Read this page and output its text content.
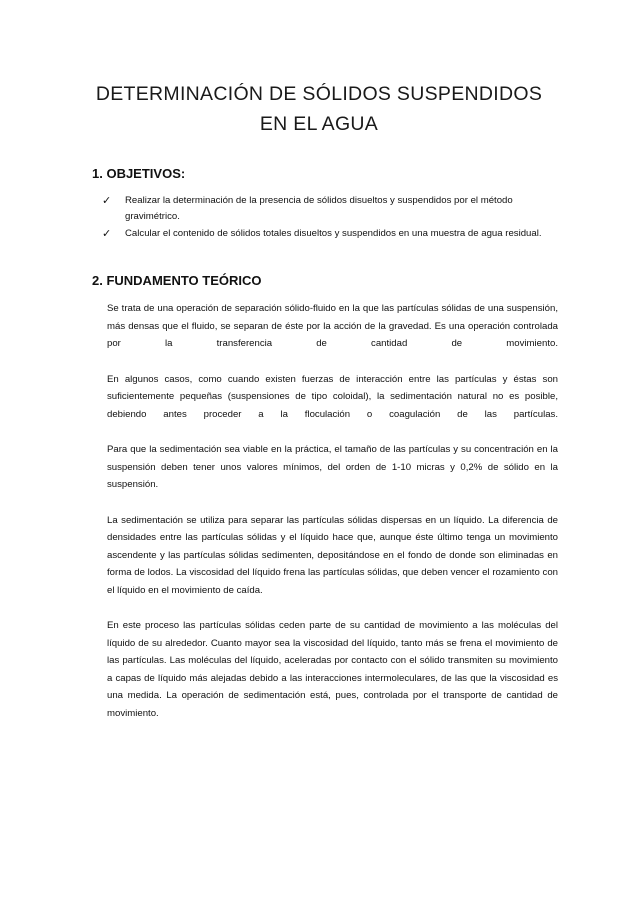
DETERMINACIÓN DE SÓLIDOS SUSPENDIDOS
EN EL AGUA
1. OBJETIVOS:
✓ Realizar la determinación de la presencia de sólidos disueltos y suspendidos por el método gravimétrico.
✓ Calcular el contenido de sólidos totales disueltos y suspendidos en una muestra de agua residual.
2. FUNDAMENTO TEÓRICO

Se trata de una operación de separación sólido-fluido en la que las partículas sólidas de una suspensión, más densas que el fluido, se separan de éste por la acción de la gravedad. Es una operación controlada por la transferencia de cantidad de movimiento.

En algunos casos, como cuando existen fuerzas de interacción entre las partículas y éstas son suficientemente pequeñas (suspensiones de tipo coloidal), la sedimentación natural no es posible, debiendo antes proceder a la floculación o coagulación de las partículas.

Para que la sedimentación sea viable en la práctica, el tamaño de las partículas y su concentración en la suspensión deben tener unos valores mínimos, del orden de 1-10 micras y 0,2% de sólido en la suspensión.

La sedimentación se utiliza para separar las partículas sólidas dispersas en un líquido. La diferencia de densidades entre las partículas sólidas y el líquido hace que, aunque éste último tenga un movimiento ascendente y las partículas sólidas sedimenten, depositándose en el fondo de donde son eliminadas en forma de lodos. La viscosidad del líquido frena las partículas sólidas, que deben vencer el rozamiento con el líquido en el movimiento de caída.

En este proceso las partículas sólidas ceden parte de su cantidad de movimiento a las moléculas del líquido de su alrededor. Cuanto mayor sea la viscosidad del líquido, tanto más se frena el movimiento de las partículas. Las moléculas del líquido, aceleradas por contacto con el sólido transmiten su movimiento a capas de líquido más alejadas debido a las interacciones intermoleculares, de las que la viscosidad es una medida. La operación de sedimentación está, pues, controlada por el transporte de cantidad de movimiento.
